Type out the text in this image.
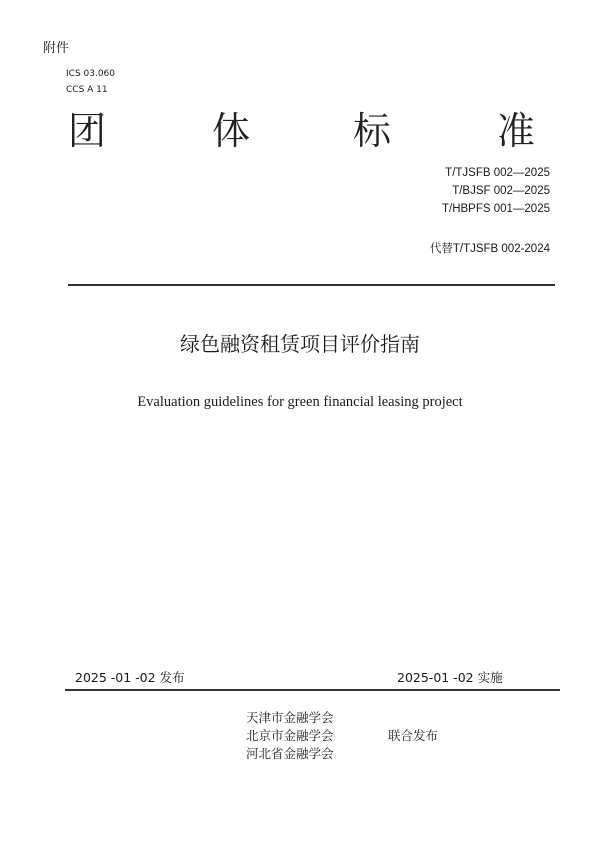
附件
ICS 03.060
CCS A 11
团	体	标	准
T/TJSFB 002—2025
T/BJSF 002—2025
T/HBPFS 001—2025
代替T/TJSFB 002-2024
绿色融资租赁项目评价指南
Evaluation guidelines for green financial leasing project
2025 -01 -02 发布	2025-01 -02 实施
天津市金融学会
北京市金融学会
河北省金融学会
联合发布
